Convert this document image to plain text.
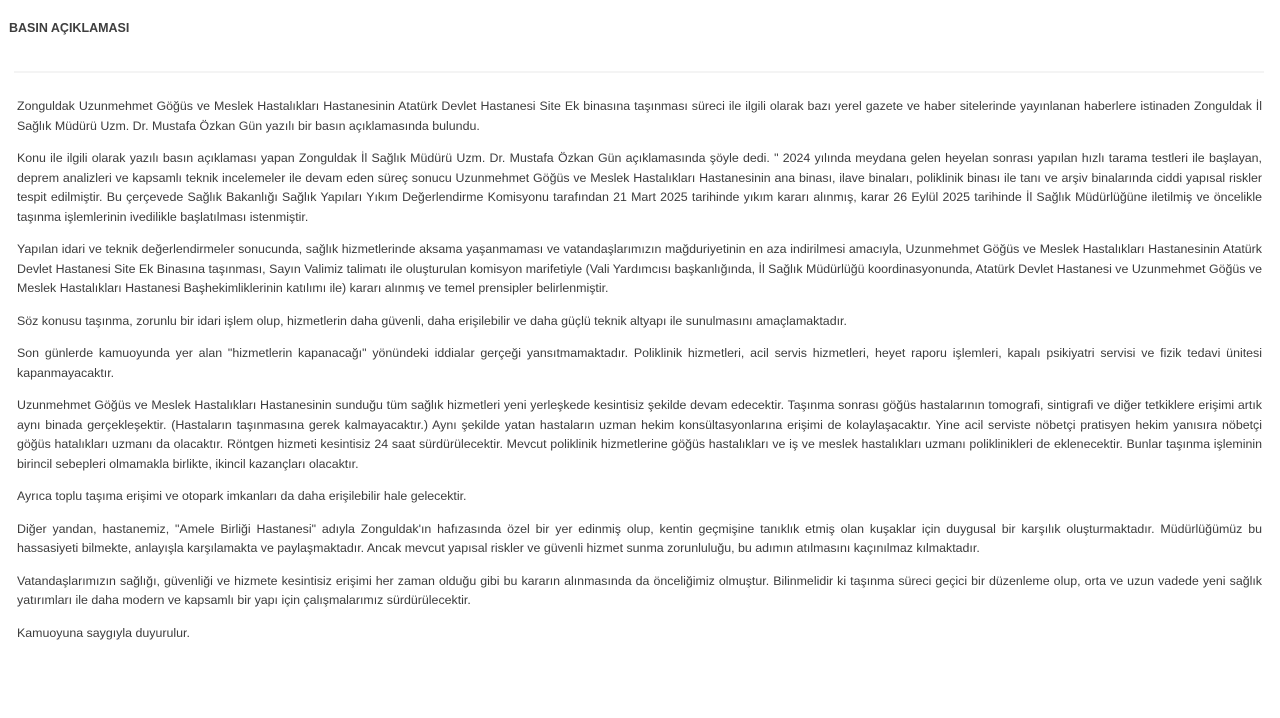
BASIN AÇIKLAMASI

Zonguldak Uzunmehmet Göğüs ve Meslek Hastalıkları Hastanesinin Atatürk Devlet Hastanesi Site Ek binasına taşınması süreci ile ilgili olarak bazı yerel gazete ve haber sitelerinde yayınlanan haberlere istinaden Zonguldak İl Sağlık Müdürü Uzm. Dr. Mustafa Özkan Gün yazılı bir basın açıklamasında bulundu.

Konu ile ilgili olarak yazılı basın açıklaması yapan Zonguldak İl Sağlık Müdürü Uzm. Dr. Mustafa Özkan Gün açıklamasında şöyle dedi. " 2024 yılında meydana gelen heyelan sonrası yapılan hızlı tarama testleri ile başlayan, deprem analizleri ve kapsamlı teknik incelemeler ile devam eden süreç sonucu Uzunmehmet Göğüs ve Meslek Hastalıkları Hastanesinin ana binası, ilave binaları, poliklinik binası ile tanı ve arşiv binalarında ciddi yapısal riskler tespit edilmiştir. Bu çerçevede Sağlık Bakanlığı Sağlık Yapıları Yıkım Değerlendirme Komisyonu tarafından 21 Mart 2025 tarihinde yıkım kararı alınmış, karar 26 Eylül 2025 tarihinde İl Sağlık Müdürlüğüne iletilmiş ve öncelikle taşınma işlemlerinin ivedilikle başlatılması istenmiştir.

Yapılan idari ve teknik değerlendirmeler sonucunda, sağlık hizmetlerinde aksama yaşanmaması ve vatandaşlarımızın mağduriyetinin en aza indirilmesi amacıyla, Uzunmehmet Göğüs ve Meslek Hastalıkları Hastanesinin Atatürk Devlet Hastanesi Site Ek Binasına taşınması, Sayın Valimiz talimatı ile oluşturulan komisyon marifetiyle (Vali Yardımcısı başkanlığında, İl Sağlık Müdürlüğü koordinasyonunda, Atatürk Devlet Hastanesi ve Uzunmehmet Göğüs ve Meslek Hastalıkları Hastanesi Başhekimliklerinin katılımı ile) kararı alınmış ve temel prensipler belirlenmiştir.

Söz konusu taşınma, zorunlu bir idari işlem olup, hizmetlerin daha güvenli, daha erişilebilir ve daha güçlü teknik altyapı ile sunulmasını amaçlamaktadır.

Son günlerde kamuoyunda yer alan "hizmetlerin kapanacağı" yönündeki iddialar gerçeği yansıtmamaktadır. Poliklinik hizmetleri, acil servis hizmetleri, heyet raporu işlemleri, kapalı psikiyatri servisi ve fizik tedavi ünitesi kapanmayacaktır.

Uzunmehmet Göğüs ve Meslek Hastalıkları Hastanesinin sunduğu tüm sağlık hizmetleri yeni yerleşkede kesintisiz şekilde devam edecektir. Taşınma sonrası göğüs hastalarının tomografi, sintigrafi ve diğer tetkiklere erişimi artık aynı binada gerçekleşektir. (Hastaların taşınmasına gerek kalmayacaktır.) Aynı şekilde yatan hastaların uzman hekim konsültasyonlarına erişimi de kolaylaşacaktır. Yine acil serviste nöbetçi pratisyen hekim yanısıra nöbetçi göğüs hatalıkları uzmanı da olacaktır. Röntgen hizmeti kesintisiz 24 saat sürdürülecektir. Mevcut poliklinik hizmetlerine göğüs hastalıkları ve iş ve meslek hastalıkları uzmanı poliklinikleri de eklenecektir. Bunlar taşınma işleminin birincil sebepleri olmamakla birlikte, ikincil kazançları olacaktır.

Ayrıca toplu taşıma erişimi ve otopark imkanları da daha erişilebilir hale gelecektir.

Diğer yandan, hastanemiz, "Amele Birliği Hastanesi" adıyla Zonguldak'ın hafızasında özel bir yer edinmiş olup, kentin geçmişine tanıklık etmiş olan kuşaklar için duygusal bir karşılık oluşturmaktadır. Müdürlüğümüz bu hassasiyeti bilmekte, anlayışla karşılamakta ve paylaşmaktadır. Ancak mevcut yapısal riskler ve güvenli hizmet sunma zorunluluğu, bu adımın atılmasını kaçınılmaz kılmaktadır.

Vatandaşlarımızın sağlığı, güvenliği ve hizmete kesintisiz erişimi her zaman olduğu gibi bu kararın alınmasında da önceliğimiz olmuştur. Bilinmelidir ki taşınma süreci geçici bir düzenleme olup, orta ve uzun vadede yeni sağlık yatırımları ile daha modern ve kapsamlı bir yapı için çalışmalarımız sürdürülecektir.

Kamuoyuna saygıyla duyurulur.
